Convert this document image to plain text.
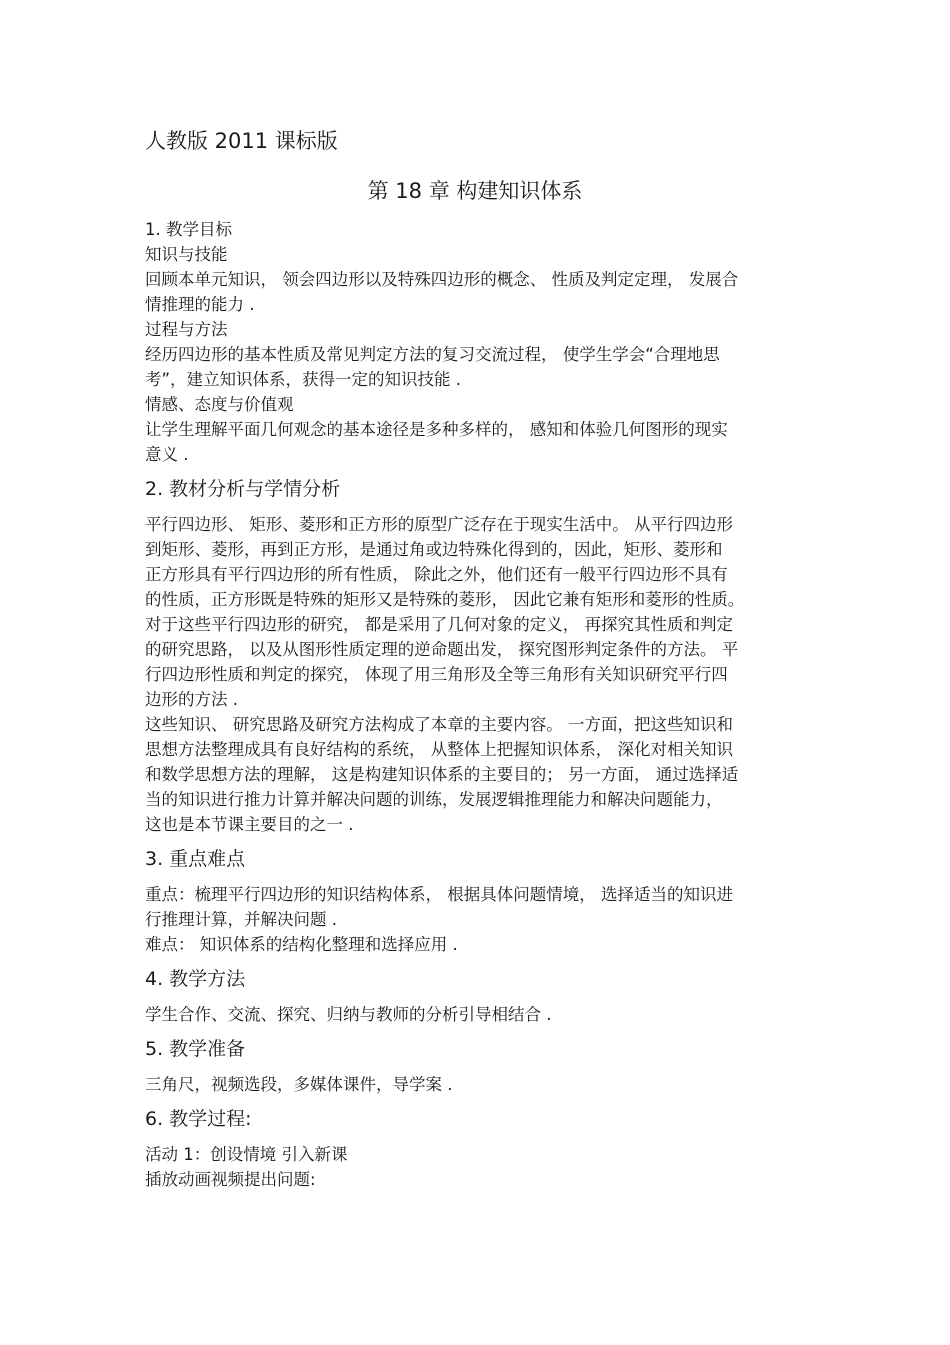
人教版 2011 课标版
第 18 章 构建知识体系
1. 教学目标
知识与技能
回顾本单元知识， 领会四边形以及特殊四边形的概念、 性质及判定定理， 发展合
情推理的能力 .
过程与方法
经历四边形的基本性质及常见判定方法的复习交流过程， 使学生学会“合理地思
考”，建立知识体系，获得一定的知识技能 .
情感、态度与价值观
让学生理解平面几何观念的基本途径是多种多样的， 感知和体验几何图形的现实
意义 .
2. 教材分析与学情分析
平行四边形、 矩形、菱形和正方形的原型广泛存在于现实生活中。 从平行四边形
到矩形、菱形，再到正方形，是通过角或边特殊化得到的，因此，矩形、菱形和
正方形具有平行四边形的所有性质， 除此之外，他们还有一般平行四边形不具有
的性质，正方形既是特殊的矩形又是特殊的菱形， 因此它兼有矩形和菱形的性质。
对于这些平行四边形的研究， 都是采用了几何对象的定义， 再探究其性质和判定
的研究思路， 以及从图形性质定理的逆命题出发， 探究图形判定条件的方法。 平
行四边形性质和判定的探究， 体现了用三角形及全等三角形有关知识研究平行四
边形的方法 .
这些知识、 研究思路及研究方法构成了本章的主要内容。 一方面，把这些知识和
思想方法整理成具有良好结构的系统， 从整体上把握知识体系， 深化对相关知识
和数学思想方法的理解， 这是构建知识体系的主要目的； 另一方面， 通过选择适
当的知识进行推力计算并解决问题的训练，发展逻辑推理能力和解决问题能力，
这也是本节课主要目的之一 .
3. 重点难点
重点：梳理平行四边形的知识结构体系， 根据具体问题情境， 选择适当的知识进
行推理计算，并解决问题 .
难点： 知识体系的结构化整理和选择应用 .
4. 教学方法
学生合作、交流、探究、归纳与教师的分析引导相结合 .
5. 教学准备
三角尺，视频选段，多媒体课件，导学案 .
6. 教学过程:
活动 1：创设情境 引入新课
插放动画视频提出问题:
